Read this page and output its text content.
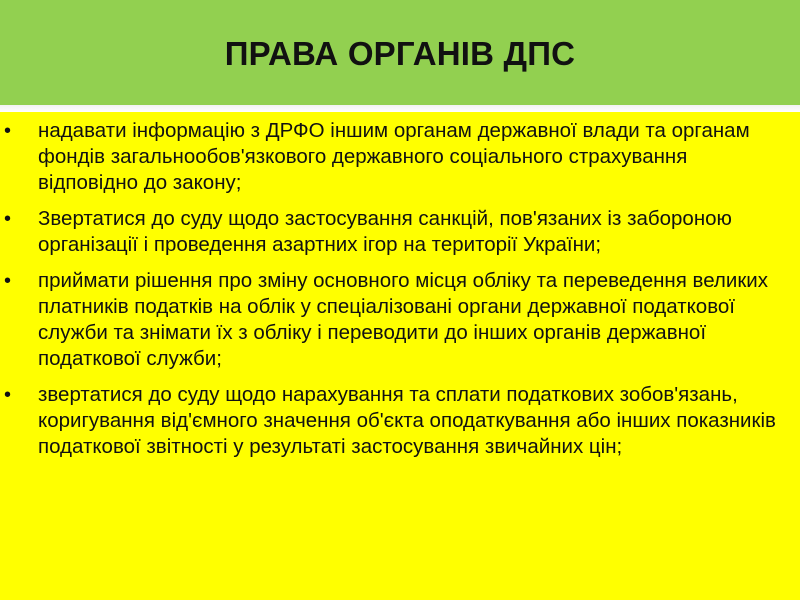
ПРАВА ОРГАНІВ ДПС
• надавати інформацію з ДРФО іншим органам державної влади та органам фондів загальнообов'язкового державного соціального страхування відповідно до закону;
• Звертатися до суду щодо застосування санкцій, пов'язаних із забороною організації і проведення азартних ігор на території України;
• приймати рішення про зміну основного місця обліку та переведення великих платників податків на облік у спеціалізовані органи державної податкової служби та знімати їх з обліку і переводити до інших органів державної податкової служби;
• звертатися до суду щодо нарахування та сплати податкових зобов'язань, коригування від'ємного значення об'єкта оподаткування або інших показників податкової звітності у результаті застосування звичайних цін;
